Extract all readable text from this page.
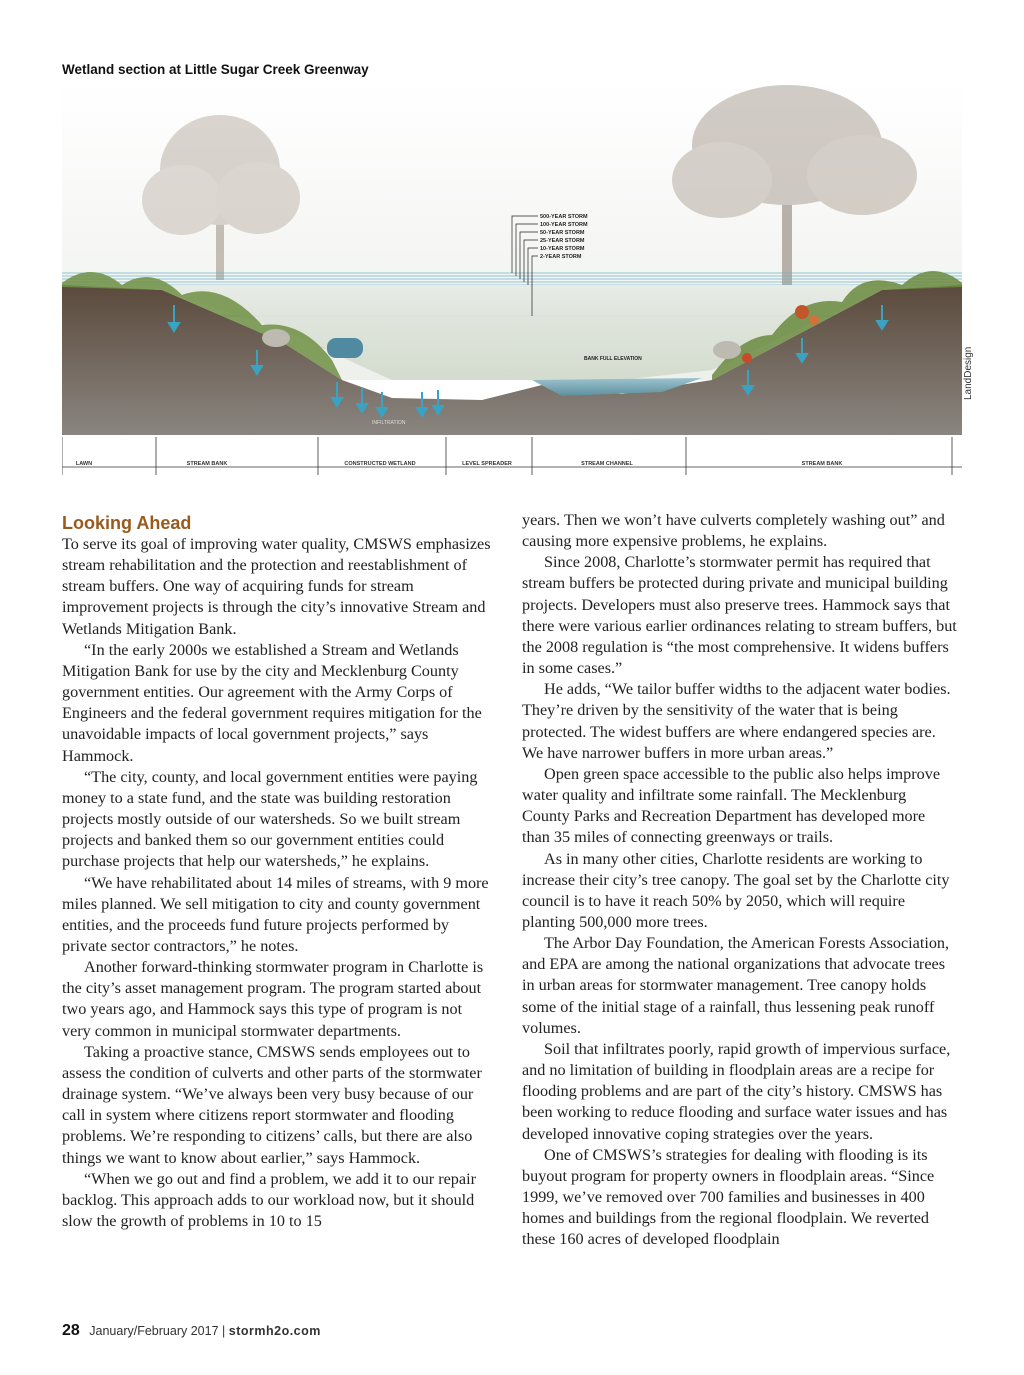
Wetland section at Little Sugar Creek Greenway
LandDesign
500-YEAR STORM
100-YEAR STORM
50-YEAR STORM
25-YEAR STORM
10-YEAR STORM
2-YEAR STORM
BANK FULL ELEVATION
INFILTRATION
LAWN	STREAM BANK	CONSTRUCTED WETLAND	LEVEL SPREADER	STREAM CHANNEL	STREAM BANK
Looking Ahead

To serve its goal of improving water quality, CMSWS emphasizes stream rehabilitation and the protection and reestablishment of stream buffers. One way of acquiring funds for stream improvement projects is through the city’s innovative Stream and Wetlands Mitigation Bank.

“In the early 2000s we established a Stream and Wetlands Mitigation Bank for use by the city and Mecklenburg County government entities. Our agreement with the Army Corps of Engineers and the federal government requires mitigation for the unavoidable impacts of local government projects,” says Hammock.

“The city, county, and local government entities were paying money to a state fund, and the state was building restoration projects mostly outside of our watersheds. So we built stream projects and banked them so our government entities could purchase projects that help our watersheds,” he explains.

“We have rehabilitated about 14 miles of streams, with 9 more miles planned. We sell mitigation to city and county government entities, and the proceeds fund future projects performed by private sector contractors,” he notes.

Another forward-thinking stormwater program in Charlotte is the city’s asset management program. The program started about two years ago, and Hammock says this type of program is not very common in municipal stormwater departments.

Taking a proactive stance, CMSWS sends employees out to assess the condition of culverts and other parts of the stormwater drainage system. “We’ve always been very busy because of our call in system where citizens report stormwater and flooding problems. We’re responding to citizens’ calls, but there are also things we want to know about earlier,” says Hammock.

“When we go out and find a problem, we add it to our repair backlog. This approach adds to our workload now, but it should slow the growth of problems in 10 to 15

years. Then we won’t have culverts completely washing out” and causing more expensive problems, he explains.

Since 2008, Charlotte’s stormwater permit has required that stream buffers be protected during private and municipal building projects. Developers must also preserve trees. Hammock says that there were various earlier ordinances relating to stream buffers, but the 2008 regulation is “the most comprehensive. It widens buffers in some cases.”

He adds, “We tailor buffer widths to the adjacent water bodies. They’re driven by the sensitivity of the water that is being protected. The widest buffers are where endangered species are. We have narrower buffers in more urban areas.”

Open green space accessible to the public also helps improve water quality and infiltrate some rainfall. The Mecklenburg County Parks and Recreation Department has developed more than 35 miles of connecting greenways or trails.

As in many other cities, Charlotte residents are working to increase their city’s tree canopy. The goal set by the Charlotte city council is to have it reach 50% by 2050, which will require planting 500,000 more trees.

The Arbor Day Foundation, the American Forests Association, and EPA are among the national organizations that advocate trees in urban areas for stormwater management. Tree canopy holds some of the initial stage of a rainfall, thus lessening peak runoff volumes.

Soil that infiltrates poorly, rapid growth of impervious surface, and no limitation of building in floodplain areas are a recipe for flooding problems and are part of the city’s history. CMSWS has been working to reduce flooding and surface water issues and has developed innovative coping strategies over the years.

One of CMSWS’s strategies for dealing with flooding is its buyout program for property owners in floodplain areas. “Since 1999, we’ve removed over 700 families and businesses in 400 homes and buildings from the regional floodplain. We reverted these 160 acres of developed floodplain

28 January/February 2017 | stormh2o.com
